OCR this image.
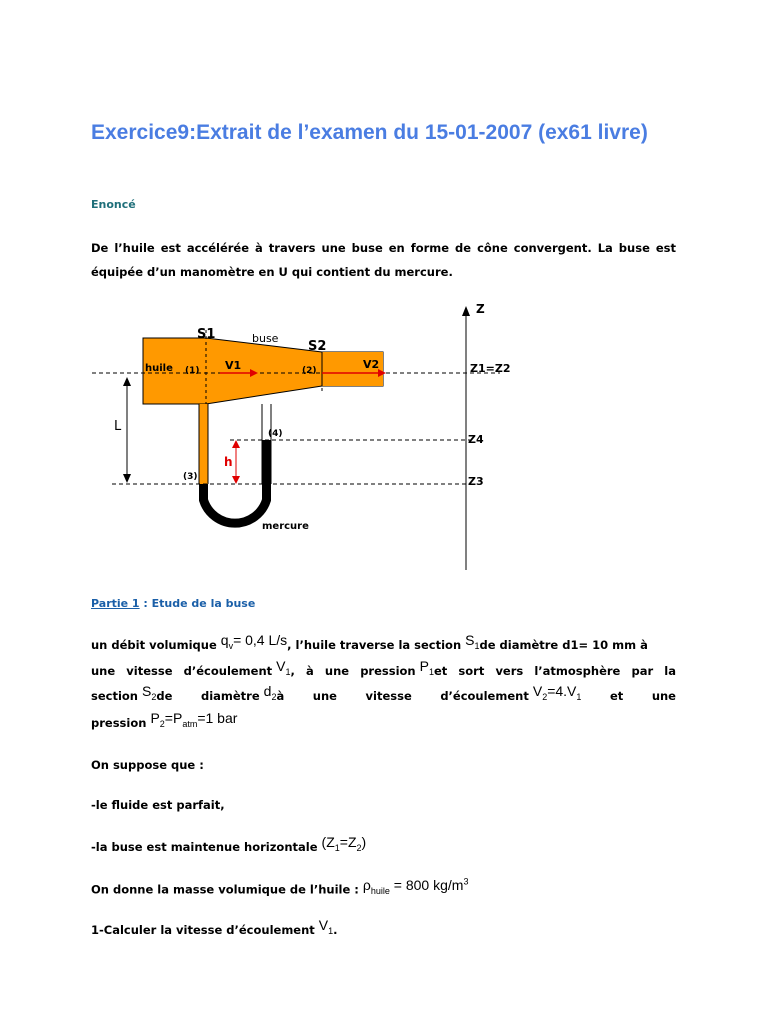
Exercice9:Extrait de l’examen du 15-01-2007 (ex61 livre)

Enoncé

De l’huile est accélérée à travers une buse en forme de cône convergent. La buse est équipée d’un manomètre en U qui contient du mercure.

S1	buse
S2
huile (1) V1	(2)	V2
L	(4)
h
(3)
mercure
Z
Z1=Z2
Z4
Z3

Partie 1 : Etude de la buse

un débit volumique $q_v= 0,4$ L/s, l’huile traverse la section $S_1de$ diamètre d1= 10 mm à

une vitesse d’écoulement $V_1$, à une pression $P_1et$ sort vers l’atmosphère par la

section $S_2de$ diamètre $d_2à$ une vitesse d’écoulement $V_2=4.V_1$ et une

pression $P_2=P_{atm}=1$ bar

On suppose que :

-le fluide est parfait,

-la buse est maintenue horizontale $(Z_1=Z_2)$

On donne la masse volumique de l’huile : $\rho_{huile} = 800$ $kg/m^3$

1-Calculer la vitesse d’écoulement $V_1$.
